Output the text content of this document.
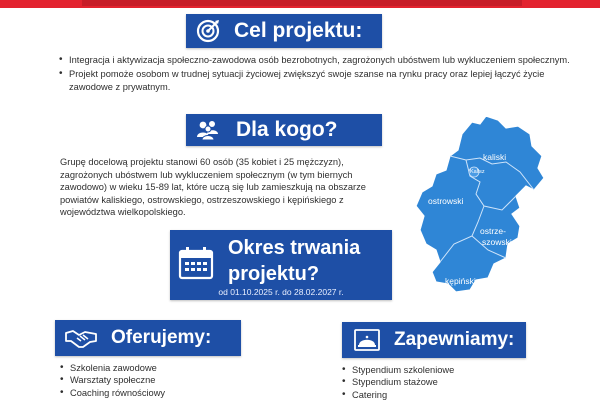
Cel projektu:
• Integracja i aktywizacja społeczno-zawodowa osób bezrobotnych, zagrożonych ubóstwem lub wykluczeniem społecznym.
• Projekt pomoże osobom w trudnej sytuacji życiowej zwiększyć swoje szanse na rynku pracy oraz lepiej łączyć życie zawodowe z prywatnym.
Dla kogo?

Grupę docelową projektu stanowi 60 osób (35 kobiet i 25 mężczyzn), zagrożonych ubóstwem lub wykluczeniem społecznym (w tym biernych zawodowo) w wieku 15-89 lat, które uczą się lub zamieszkują na obszarze powiatów kaliskiego, ostrowskiego, ostrzeszowskiego i kępińskiego z województwa wielkopolskiego.

Okres trwania projektu?
od 01.10.2025 r. do 28.02.2027 r.
Kalisz
kaliski
ostrowski
ostrze-
szowski
kępiński
Oferujemy:
• Szkolenia zawodowe
• Warsztaty społeczne
• Coaching równościowy
Zapewniamy:
• Stypendium szkoleniowe
• Stypendium stażowe
• Catering
